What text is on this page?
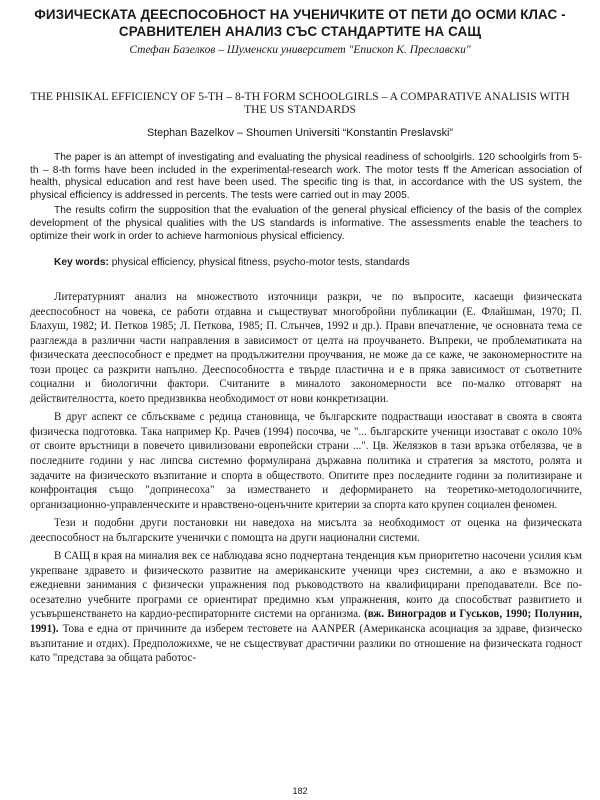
ФИЗИЧЕСКАТА ДЕЕСПОСОБНОСТ НА УЧЕНИЧКИТЕ ОТ ПЕТИ ДО ОСМИ КЛАС - СРАВНИТЕЛЕН АНАЛИЗ СЪС СТАНДАРТИТЕ НА САЩ
Стефан Базелков – Шуменски университет "Епископ К. Преславски"
THE PHISIKAL EFFICIENCY OF 5-TH – 8-TH FORM SCHOOLGIRLS – A COMPARATIVE ANALISIS WITH THE US STANDARDS
Stephan Bazelkov – Shoumen Universiti “Konstantin Preslavski”

The paper is an attempt of investigating and evaluating the physical readiness of schoolgirls. 120 schoolgirls from 5-th – 8-th forms have been included in the experimental-research work. The motor tests ff the American association of health, physical education and rest have been used. The specific ting is that, in accordance with the US system, the physical efficiency is addressed in percents. The tests were carried out in may 2005.

The results cofirm the supposition that the evaluation of the general physical efficiency of the basis of the complex development of the physical qualities with the US standards is informative. The assessments enable the teachers to optimize their work in order to achieve harmonious physical efficiency.

Key words: physical efficiency, physical fitness, psycho-motor tests, standards

Литературният анализ на множеството източници разкри, че по въпросите, касаещи физическата дееспособност на човека, се работи отдавна и съществуват многобройни публикации (Е. Флайшман, 1970; П. Блахуш, 1982; И. Петков 1985; Л. Петкова, 1985; П. Слънчев, 1992 и др.). Прави впечатление, че основната тема се разглежда в различни части направления в зависимост от целта на проучването. Въпреки, че проблематиката на физическата дееспособност е предмет на продължителни проучвания, не може да се каже, че закономерностите на този процес са разкрити напълно. Дееспособността е твърде пластична и е в пряка зависимост от съответните социални и биологични фактори. Считаните в миналото закономерности все по-малко отговарят на действителността, което предизвиква необходимост от нови конкретизации.

В друг аспект се сблъскваме с редица становища, че българските подрастващи изостават в своята в своята физическа подготовка. Така например Кр. Рачев (1994) посочва, че "... българските ученици изостават с около 10% от своите връстници в повечето цивилизовани европейски страни ...". Цв. Желязков в тази връзка отбелязва, че в последните години у нас липсва системно формулирана държавна политика и стратегия за мястото, ролята и задачите на физическото възпитание и спорта в обществото. Опитите през последните години за политизиране и конфронтация също "допринесоха" за изместването и деформирането на теоретико-методологичните, организационно-управленческите и нравствено-оценъчните критерии за спорта като крупен социален феномен.

Тези и подобни други постановки ни наведоха на мисълта за необходимост от оценка на физическата дееспособност на българските ученички с помощта на други национални системи.

В САЩ в края на миналия век се наблюдава ясно подчертана тенденция към приоритетно насочени усилия към укрепване здравето и физическото развитие на американските ученици чрез системни, а ако е възможно и ежедневни занимания с физически упражнения под ръководството на квалифицирани преподаватели. Все по-осезателно учебните програми се ориентират предимно към упражнения, които да способстват развитието и усъвършенстването на кардио-респираторните системи на организма. (вж. Виноградов и Гуськов, 1990; Полунин, 1991). Това е една от причините да изберем тестовете на AANPER (Американска асоциация за здраве, физическо възпитание и отдих). Предположихме, че не съществуват драстични разлики по отношение на физическата годност като "представа за общата работос-

182
